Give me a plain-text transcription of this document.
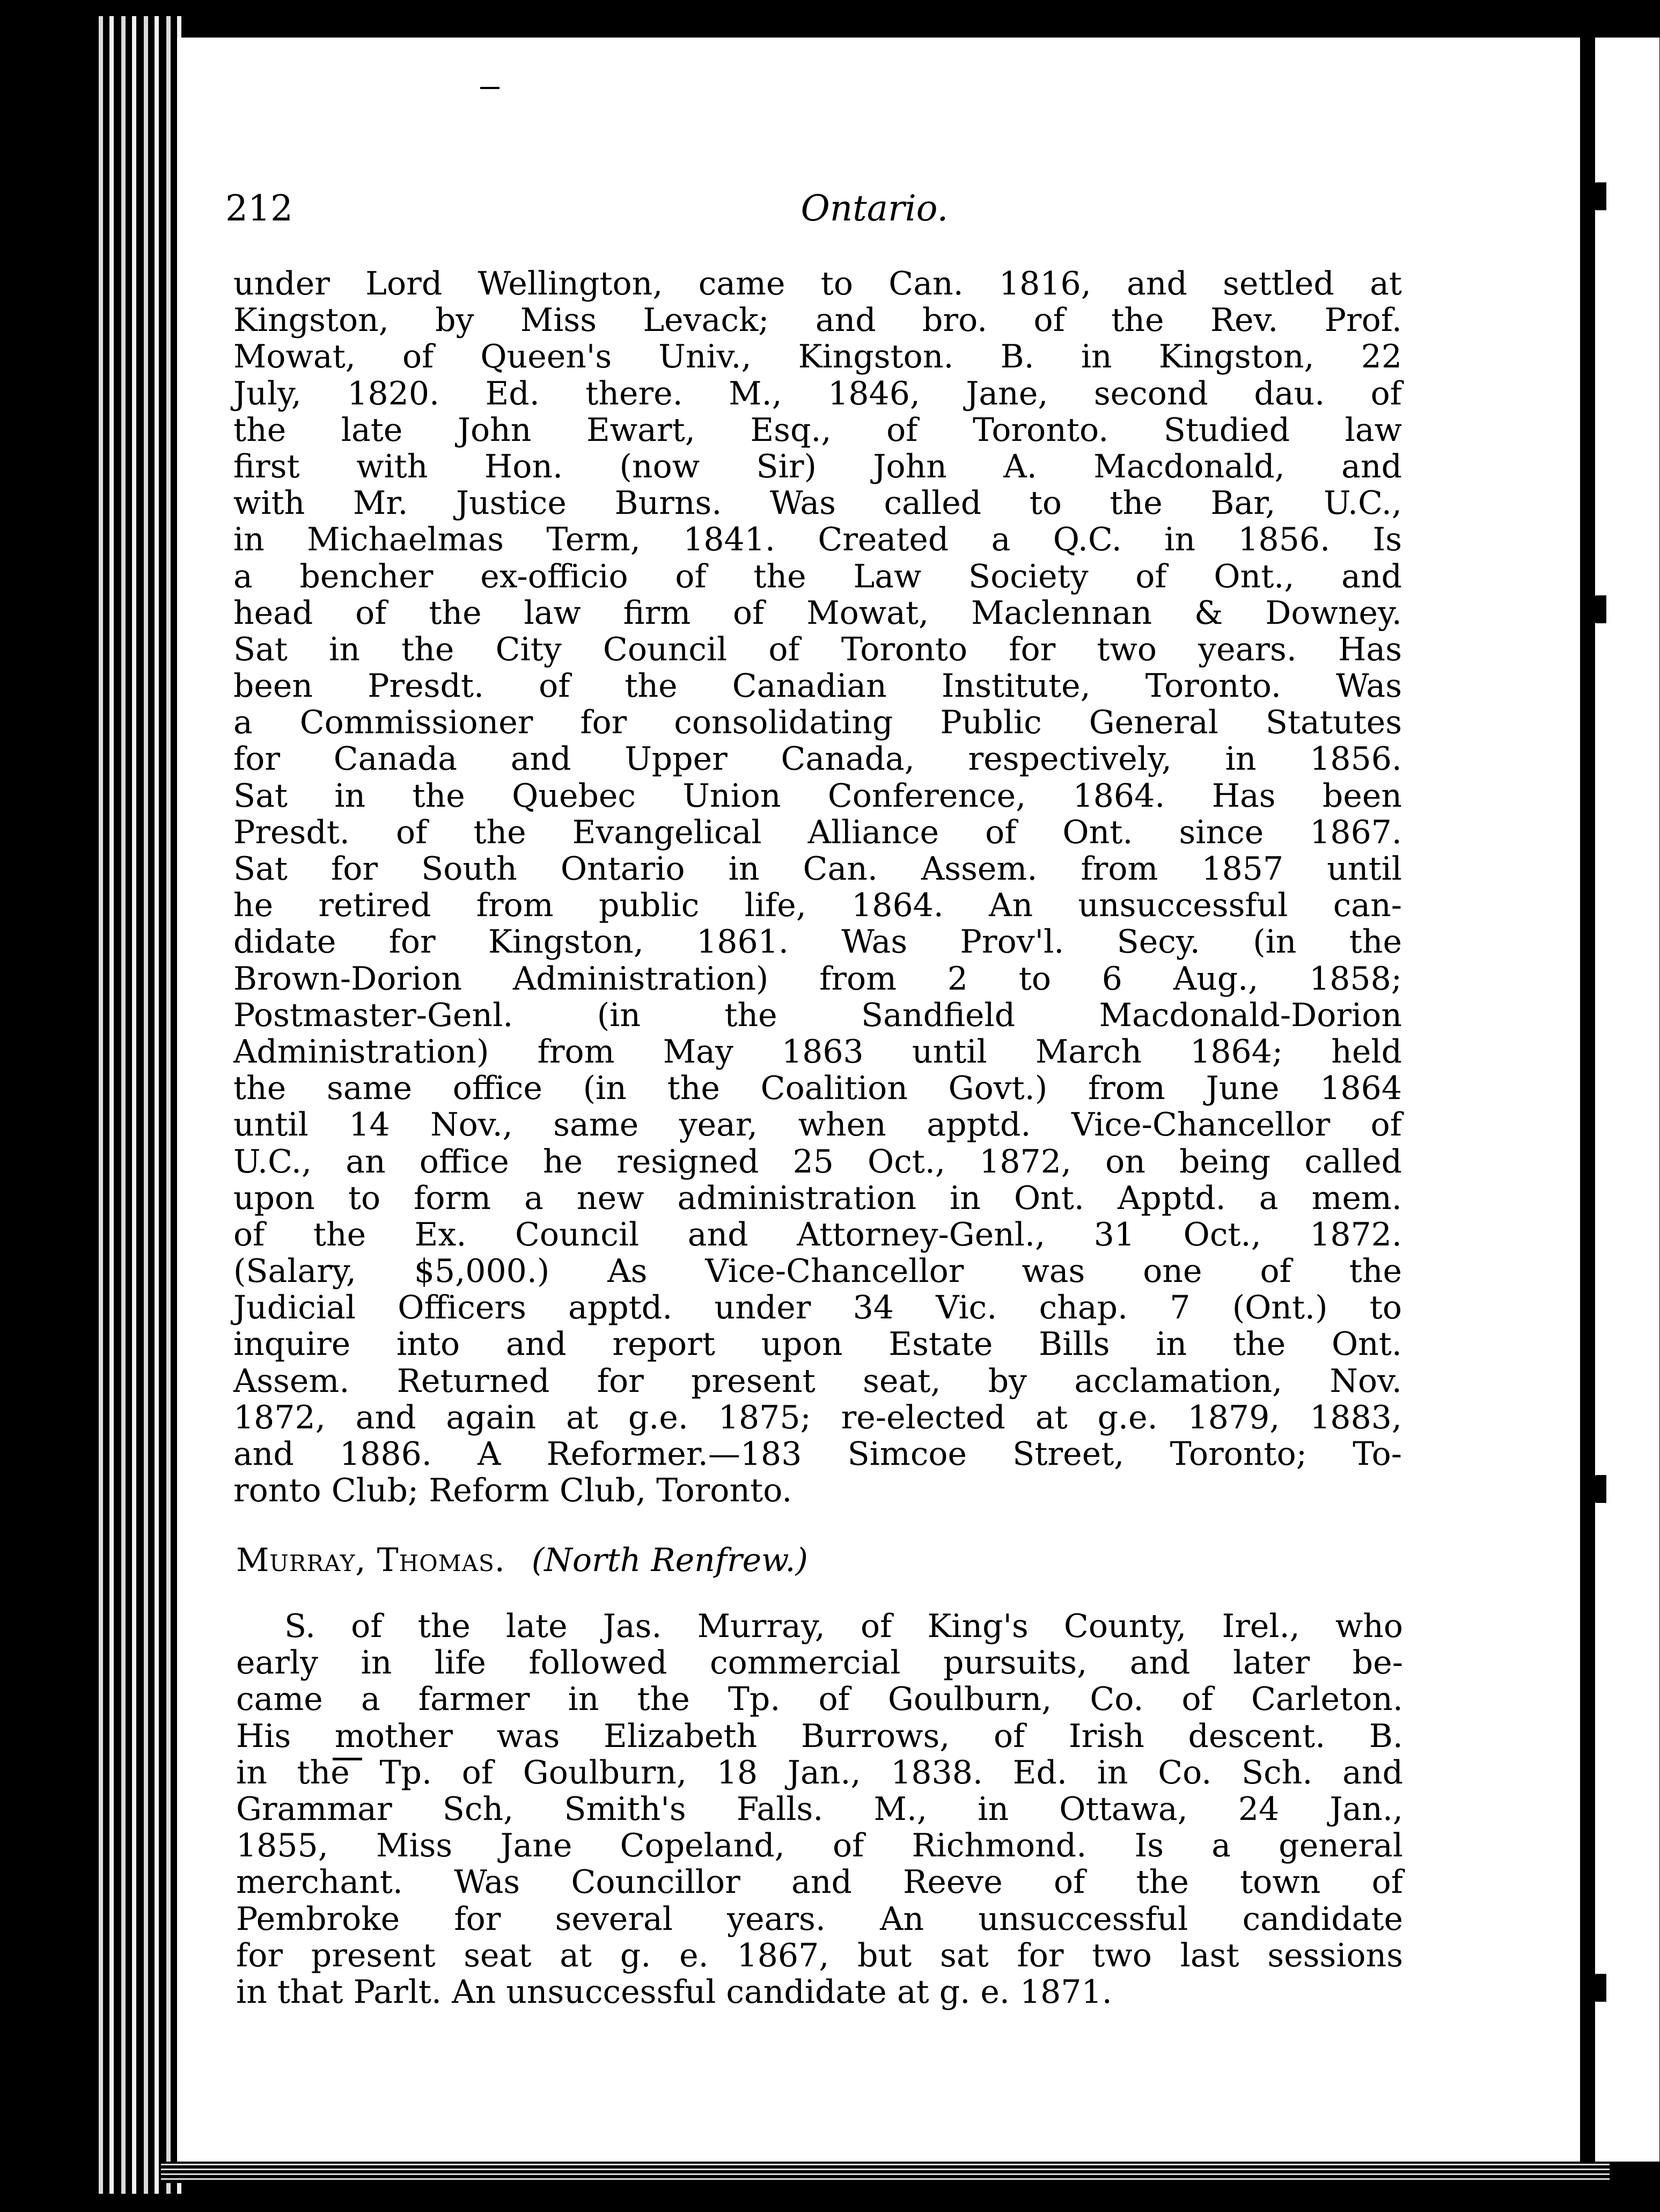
212	Ontario.
under Lord Wellington, came to Can. 1816, and settled at
Kingston, by Miss Levack; and bro. of the Rev. Prof.
Mowat, of Queen's Univ., Kingston. B. in Kingston, 22
July, 1820. Ed. there. M., 1846, Jane, second dau. of
the late John Ewart, Esq., of Toronto. Studied law
first with Hon. (now Sir) John A. Macdonald, and
with Mr. Justice Burns. Was called to the Bar, U.C.,
in Michaelmas Term, 1841. Created a Q.C. in 1856. Is
a bencher ex-officio of the Law Society of Ont., and
head of the law firm of Mowat, Maclennan & Downey.
Sat in the City Council of Toronto for two years. Has
been Presdt. of the Canadian Institute, Toronto. Was
a Commissioner for consolidating Public General Statutes
for Canada and Upper Canada, respectively, in 1856.
Sat in the Quebec Union Conference, 1864. Has been
Presdt. of the Evangelical Alliance of Ont. since 1867.
Sat for South Ontario in Can. Assem. from 1857 until
he retired from public life, 1864. An unsuccessful can-
didate for Kingston, 1861. Was Prov'l. Secy. (in the
Brown-Dorion Administration) from 2 to 6 Aug., 1858;
Postmaster-Genl. (in the Sandfield Macdonald-Dorion
Administration) from May 1863 until March 1864; held
the same office (in the Coalition Govt.) from June 1864
until 14 Nov., same year, when apptd. Vice-Chancellor of
U.C., an office he resigned 25 Oct., 1872, on being called
upon to form a new administration in Ont. Apptd. a mem.
of the Ex. Council and Attorney-Genl., 31 Oct., 1872.
(Salary, $5,000.) As Vice-Chancellor was one of the
Judicial Officers apptd. under 34 Vic. chap. 7 (Ont.) to
inquire into and report upon Estate Bills in the Ont.
Assem. Returned for present seat, by acclamation, Nov.
1872, and again at g.e. 1875; re-elected at g.e. 1879, 1883,
and 1886. A Reformer.—183 Simcoe Street, Toronto; To-
ronto Club; Reform Club, Toronto.
Murray, Thomas. (North Renfrew.)
S. of the late Jas. Murray, of King's County, Irel., who
early in life followed commercial pursuits, and later be-
came a farmer in the Tp. of Goulburn, Co. of Carleton.
His mother was Elizabeth Burrows, of Irish descent. B.
in the Tp. of Goulburn, 18 Jan., 1838. Ed. in Co. Sch. and
Grammar Sch, Smith's Falls. M., in Ottawa, 24 Jan.,
1855, Miss Jane Copeland, of Richmond. Is a general
merchant. Was Councillor and Reeve of the town of
Pembroke for several years. An unsuccessful candidate
for present seat at g. e. 1867, but sat for two last sessions
in that Parlt. An unsuccessful candidate at g. e. 1871.
